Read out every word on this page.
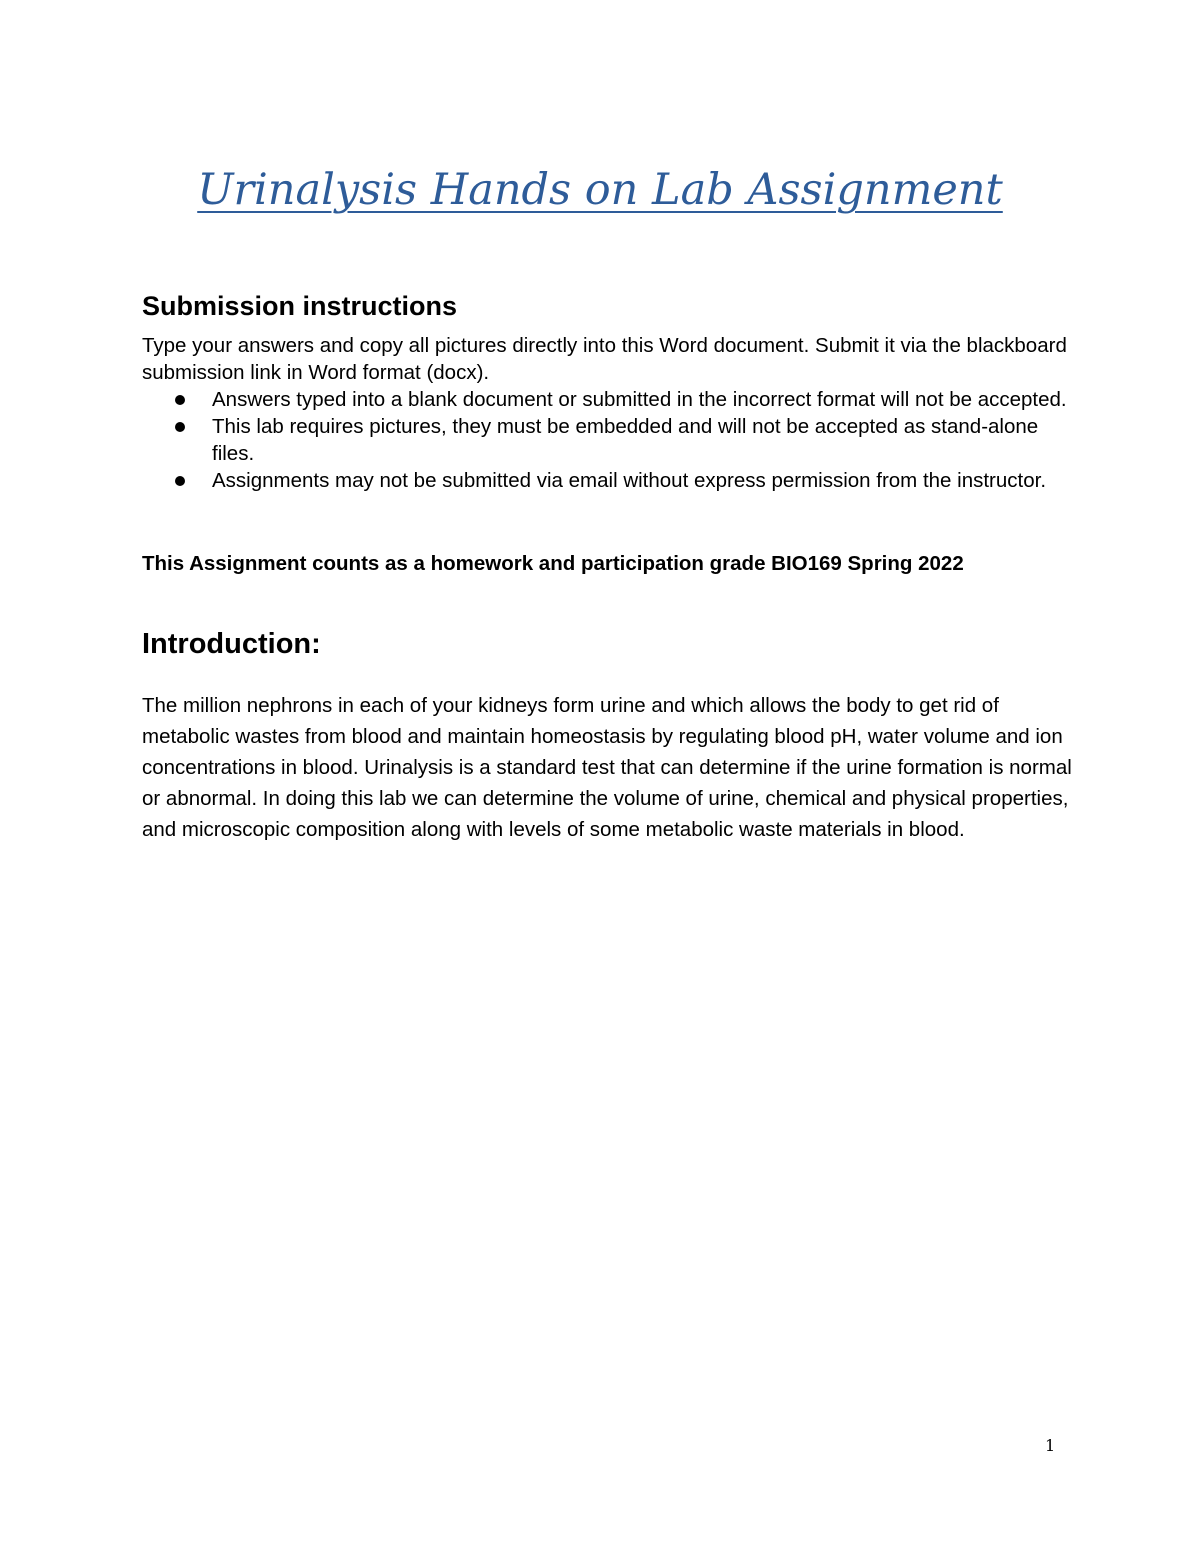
Urinalysis Hands on Lab Assignment
Submission instructions

Type your answers and copy all pictures directly into this Word document. Submit it via the blackboard submission link in Word format (docx).

Answers typed into a blank document or submitted in the incorrect format will not be accepted.
This lab requires pictures, they must be embedded and will not be accepted as stand-alone files.
Assignments may not be submitted via email without express permission from the instructor.

This Assignment counts as a homework and participation grade BIO169 Spring 2022

Introduction:

The million nephrons in each of your kidneys form urine and which allows the body to get rid of metabolic wastes from blood and maintain homeostasis by regulating blood pH, water volume and ion concentrations in blood. Urinalysis is a standard test that can determine if the urine formation is normal or abnormal. In doing this lab we can determine the volume of urine, chemical and physical properties, and microscopic composition along with levels of some metabolic waste materials in blood.

1
